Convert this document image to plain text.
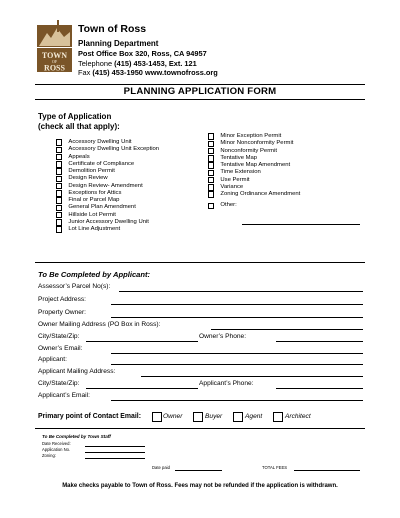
TOWN
OF
ROSS
Town of Ross
Planning Department
Post Office Box 320, Ross, CA 94957
Telephone (415) 453-1453, Ext. 121
Fax (415) 453-1950 www.townofross.org
PLANNING APPLICATION FORM
Type of Application
(check all that apply):
Accessory Dwelling Unit
Accessory Dwelling Unit Exception
Appeals
Certificate of Compliance
Demolition Permit
Design Review
Design Review- Amendment
Exceptions for Attics
Final or Parcel Map
General Plan Amendment
Hillside Lot Permit
Junior Accessory Dwelling Unit
Lot Line Adjustment
Minor Exception Permit
Minor Nonconformity Permit
Nonconformity Permit
Tentative Map
Tentative Map Amendment
Time Extension
Use Permit
Variance
Zoning Ordinance Amendment
Other:
To Be Completed by Applicant:
Assessor’s Parcel No(s):
Project Address:
Property Owner:
Owner Mailing Address (PO Box in Ross):
City/State/Zip:	Owner’s Phone:
Owner’s Email:
Applicant:
Applicant Mailing Address:
City/State/Zip:	Applicant’s Phone:
Applicant’s Email:
Primary point of Contact Email:	Owner	Buyer	Agent	Architect
To Be Completed by Town Staff
Date Received:
Application No.
Zoning:
Date paid	TOTAL FEES
Make checks payable to Town of Ross. Fees may not be refunded if the application is withdrawn.
